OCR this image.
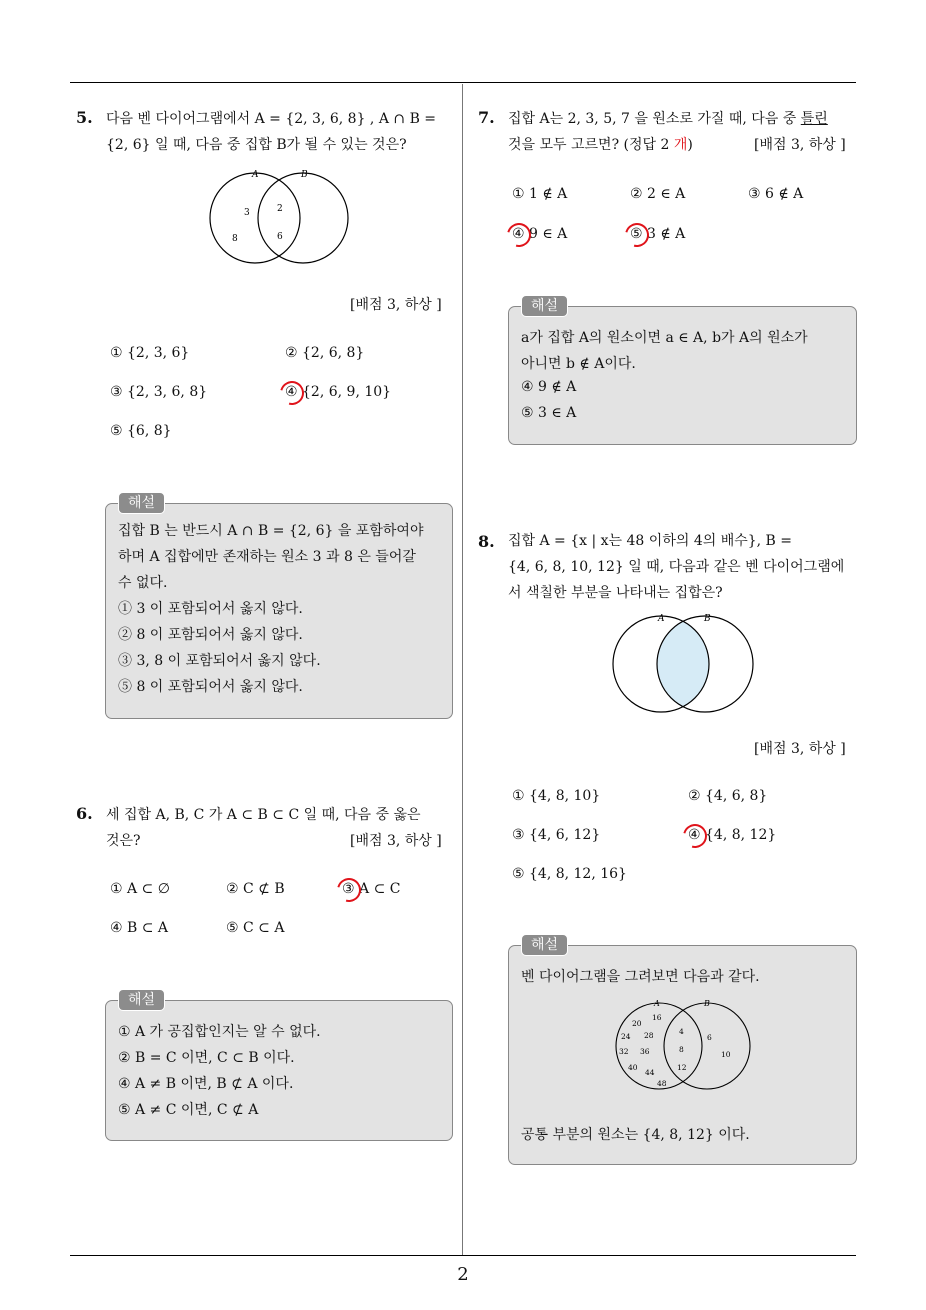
2
5. 다음 벤 다이어그램에서 A = {2, 3, 6, 8} , A ∩ B =
{2, 6} 일 때, 다음 중 집합 B가 될 수 있는 것은?
A	B
3	2
8	6
[배점 3, 하상 ]
① {2, 3, 6}	② {2, 6, 8}
③ {2, 3, 6, 8}	④ {2, 6, 9, 10}
⑤ {6, 8}
해설
집합 B 는 반드시 A ∩ B = {2, 6} 을 포함하여야
하며 A 집합에만 존재하는 원소 3 과 8 은 들어갈
수 없다.
① 3 이 포함되어서 옳지 않다.
② 8 이 포함되어서 옳지 않다.
③ 3, 8 이 포함되어서 옳지 않다.
⑤ 8 이 포함되어서 옳지 않다.
6. 세 집합 A, B, C 가 A ⊂ B ⊂ C 일 때, 다음 중 옳은
것은?	[배점 3, 하상 ]
① A ⊂ ∅	② C ⊄ B	③ A ⊂ C
④ B ⊂ A	⑤ C ⊂ A
해설
① A 가 공집합인지는 알 수 없다.
② B = C 이면, C ⊂ B 이다.
④ A ≠ B 이면, B ⊄ A 이다.
⑤ A ≠ C 이면, C ⊄ A
7. 집합 A는 2, 3, 5, 7 을 원소로 가질 때, 다음 중 틀린
것을 모두 고르면? (정답 2 개)	[배점 3, 하상 ]
① 1 ∉ A	② 2 ∈ A	③ 6 ∉ A
④ 9 ∈ A	⑤ 3 ∉ A
해설
a가 집합 A의 원소이면 a ∈ A, b가 A의 원소가
아니면 b ∉ A이다.
④ 9 ∉ A
⑤ 3 ∈ A
8. 집합 A = {x | x는 48 이하의 4의 배수}, B =
{4, 6, 8, 10, 12} 일 때, 다음과 같은 벤 다이어그램에
서 색칠한 부분을 나타내는 집합은?
A	B
[배점 3, 하상 ]
① {4, 8, 10}	② {4, 6, 8}
③ {4, 6, 12}	④ {4, 8, 12}
⑤ {4, 8, 12, 16}
해설
벤 다이어그램을 그려보면 다음과 같다.
A	B
20
16
24 28
32 36
40
44
48
4
8
12
6
10
공통 부분의 원소는 {4, 8, 12} 이다.
